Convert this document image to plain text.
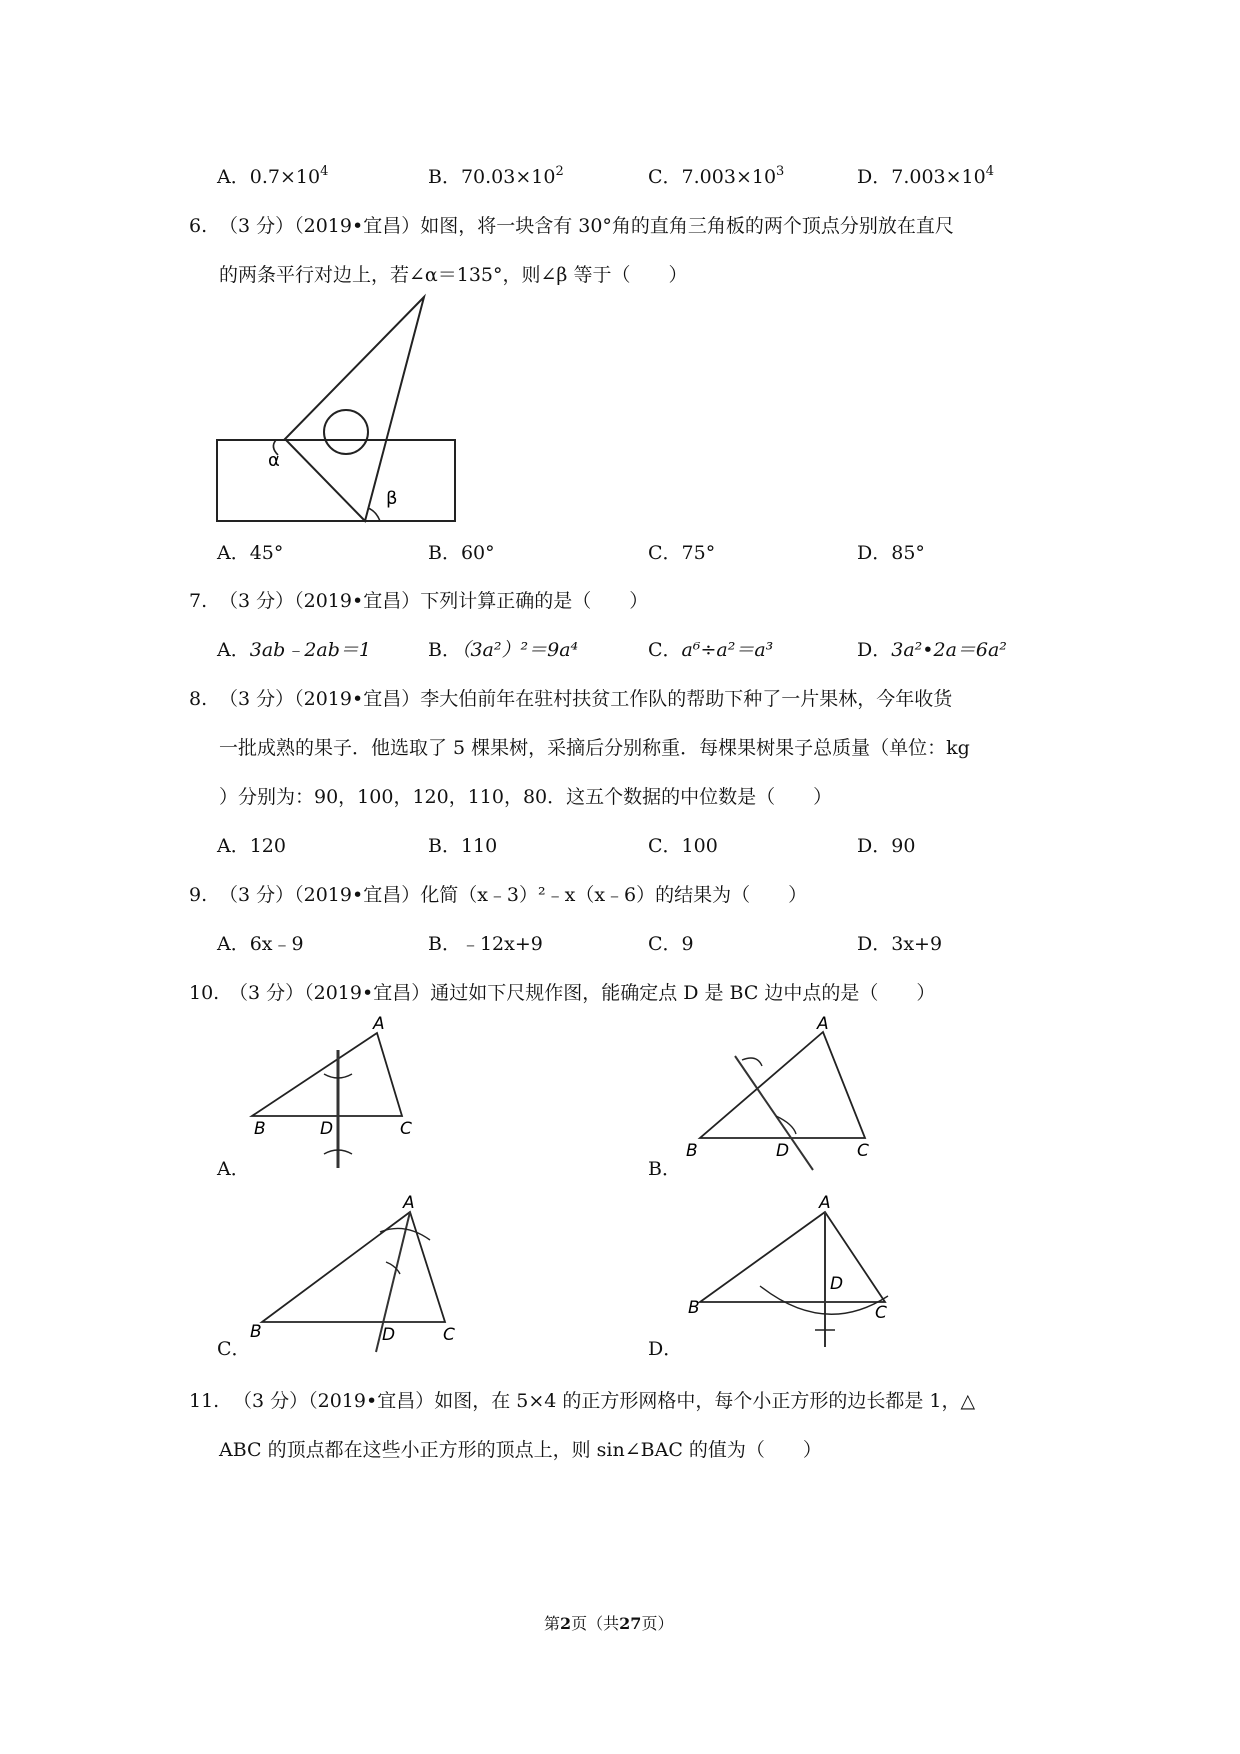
A．$0.7\times 10^4$	B．$70.03\times 10^2$	C．$7.003\times 10^3$	D．$7.003\times 10^4$
6. （3 分）（2019•宜昌）如图，将一块含有 30°角的直角三角板的两个顶点分别放在直尺
的两条平行对边上，若∠α＝135°，则∠β 等于（　　）
α
β
A．45°	B．60°	C．75°	D．85°
7. （3 分）（2019•宜昌）下列计算正确的是（　　）
A．3ab﹣2ab＝1	B．（3a²）²＝9a⁴	C．a⁶÷a²＝a³	D．3a²•2a＝6a²
8. （3 分）（2019•宜昌）李大伯前年在驻村扶贫工作队的帮助下种了一片果林，今年收货
一批成熟的果子．他选取了 5 棵果树，采摘后分别称重．每棵果树果子总质量（单位：kg
）分别为：90，100，120，110，80．这五个数据的中位数是（　　）
A．120	B．110	C．100	D．90
9. （3 分）（2019•宜昌）化简（x﹣3）²﹣x（x﹣6）的结果为（　　）
A．6x﹣9	B．﹣12x+9	C．9	D．3x+9
10. （3 分）（2019•宜昌）通过如下尺规作图，能确定点 D 是 BC 边中点的是（　　）
A
B	D	C
A．
A
B	D	C
B．
A
B	D	C
C．
A
B
D
C
D．
11. （3 分）（2019•宜昌）如图，在 5×4 的正方形网格中，每个小正方形的边长都是 1，△
ABC 的顶点都在这些小正方形的顶点上，则 sin∠BAC 的值为（　　）
第2页（共27页）
